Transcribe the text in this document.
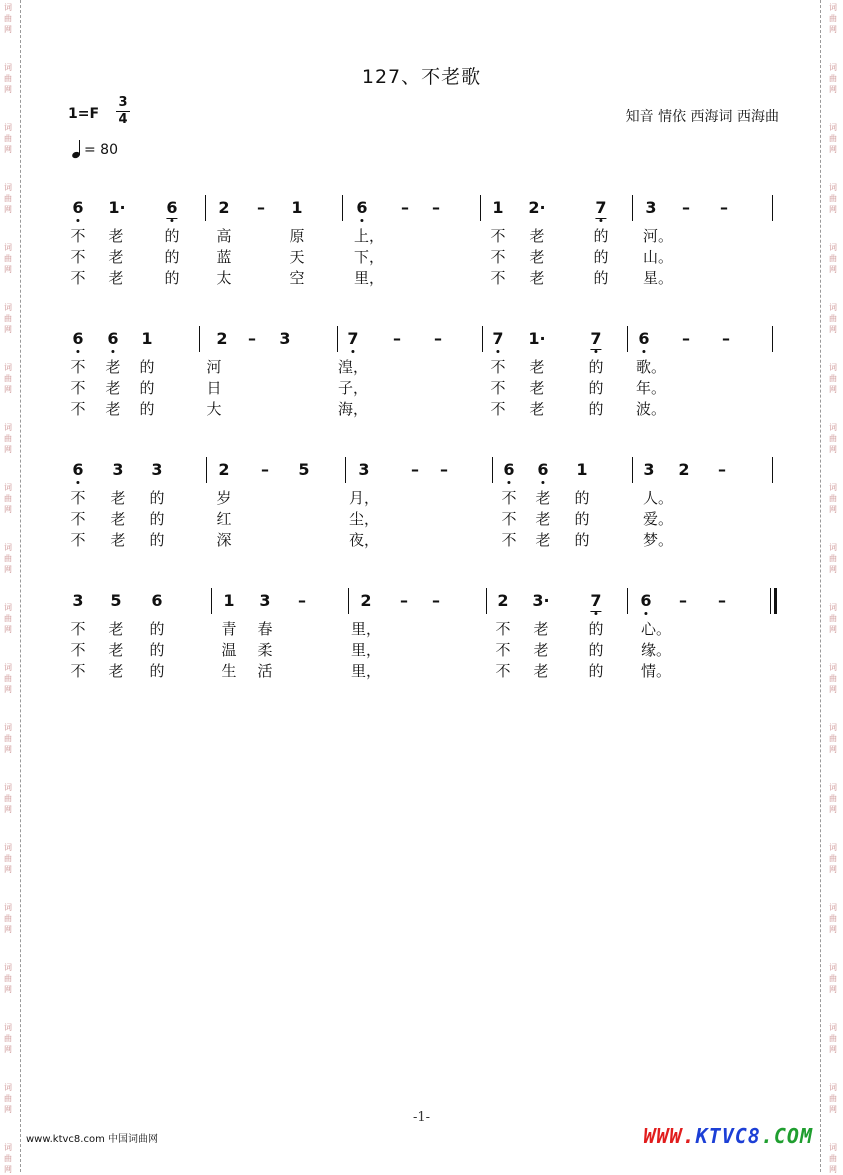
词
曲
网
词
曲
网
词
曲
网
词
曲
网
词
曲
网
词
曲
网
词
曲
网
词
曲
网
词
曲
网
词
曲
网
词
曲
网
词
曲
网
词
曲
网
词
曲
网
词
曲
网
词
曲
网
词
曲
网
词
曲
网
词
曲
网
词
曲
网
词
曲
网
词
曲
网
词
曲
网
词
曲
网
词
曲
网
词
曲
网
词
曲
网
词
曲
网
词
曲
网
词
曲
网
词
曲
网
词
曲
网
词
曲
网
词
曲
网
词
曲
网
词
曲
网
词
曲
网
词
曲
网
词
曲
网
词
曲
网
127、不老歌
1=F
3
4	知音 情依 西海词 西海曲
= 80
6 1·	6	2 – 1	6 – –	1 2·	7 3 – –
不 老	的 高	原	上，	不 老	的 河。
不 老	的 蓝	天	下，	不 老	的 山。
不 老	的 太	空	里，	不 老	的 星。
6 6 1	2 – 3	7 – –	7 1·	7 6 – –
不 老 的	河	湟，	不 老	的 歌。
不 老 的	日	子，	不 老	的 年。
不 老 的	大	海，	不 老	的 波。
6 3 3	2 – 5	3	– –	6 6 1	3 2 –
不 老 的	岁	月，	不 老 的	人。
不 老 的	红	尘，	不 老 的	爱。
不 老 的	深	夜，	不 老 的	梦。
3 5 6	1 3 –	2 – –	2 3·	7 6 – –
不 老 的	青 春	里，	不 老	的 心。
不 老 的	温 柔	里，	不 老	的 缘。
不 老 的	生 活	里，	不 老	的 情。
-1-
www.ktvc8.com 中国词曲网	WWW.KTVC8.COM
